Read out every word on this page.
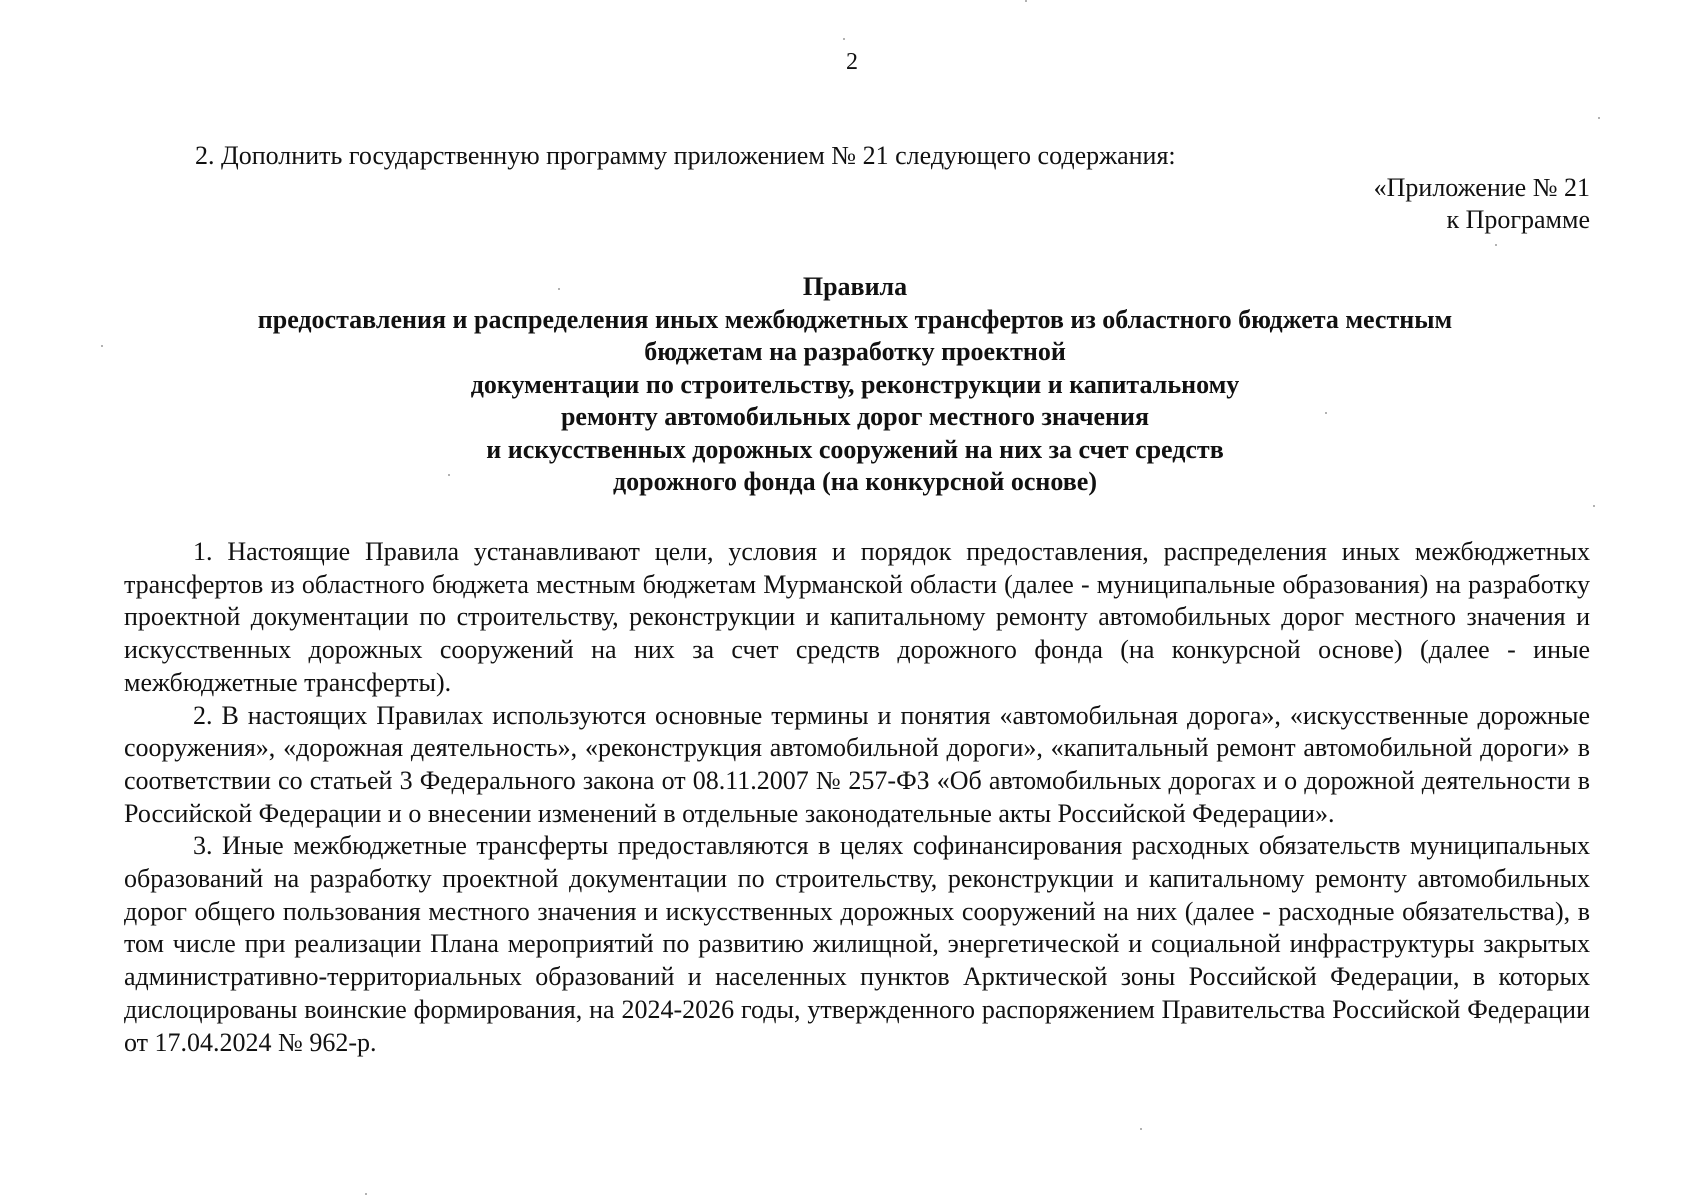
2
2. Дополнить государственную программу приложением № 21 следующего содержания:
«Приложение № 21
к Программе
Правила
предоставления и распределения иных межбюджетных трансфертов из областного бюджета местным
бюджетам на разработку проектной
документации по строительству, реконструкции и капитальному
ремонту автомобильных дорог местного значения
и искусственных дорожных сооружений на них за счет средств
дорожного фонда (на конкурсной основе)

1. Настоящие Правила устанавливают цели, условия и порядок предоставления, распределения иных межбюджетных трансфертов из областного бюджета местным бюджетам Мурманской области (далее - муниципальные образования) на разработку проектной документации по строительству, реконструкции и капитальному ремонту автомобильных дорог местного значения и искусственных дорожных сооружений на них за счет средств дорожного фонда (на конкурсной основе) (далее - иные межбюджетные трансферты).

2. В настоящих Правилах используются основные термины и понятия «автомобильная дорога», «искусственные дорожные сооружения», «дорожная деятельность», «реконструкция автомобильной дороги», «капитальный ремонт автомобильной дороги» в соответствии со статьей 3 Федерального закона от 08.11.2007 № 257-ФЗ «Об автомобильных дорогах и о дорожной деятельности в Российской Федерации и о внесении изменений в отдельные законодательные акты Российской Федерации».

3. Иные межбюджетные трансферты предоставляются в целях софинансирования расходных обязательств муниципальных образований на разработку проектной документации по строительству, реконструкции и капитальному ремонту автомобильных дорог общего пользования местного значения и искусственных дорожных сооружений на них (далее - расходные обязательства), в том числе при реализации Плана мероприятий по развитию жилищной, энергетической и социальной инфраструктуры закрытых административно-территориальных образований и населенных пунктов Арктической зоны Российской Федерации, в которых дислоцированы воинские формирования, на 2024-2026 годы, утвержденного распоряжением Правительства Российской Федерации от 17.04.2024 № 962-р.
